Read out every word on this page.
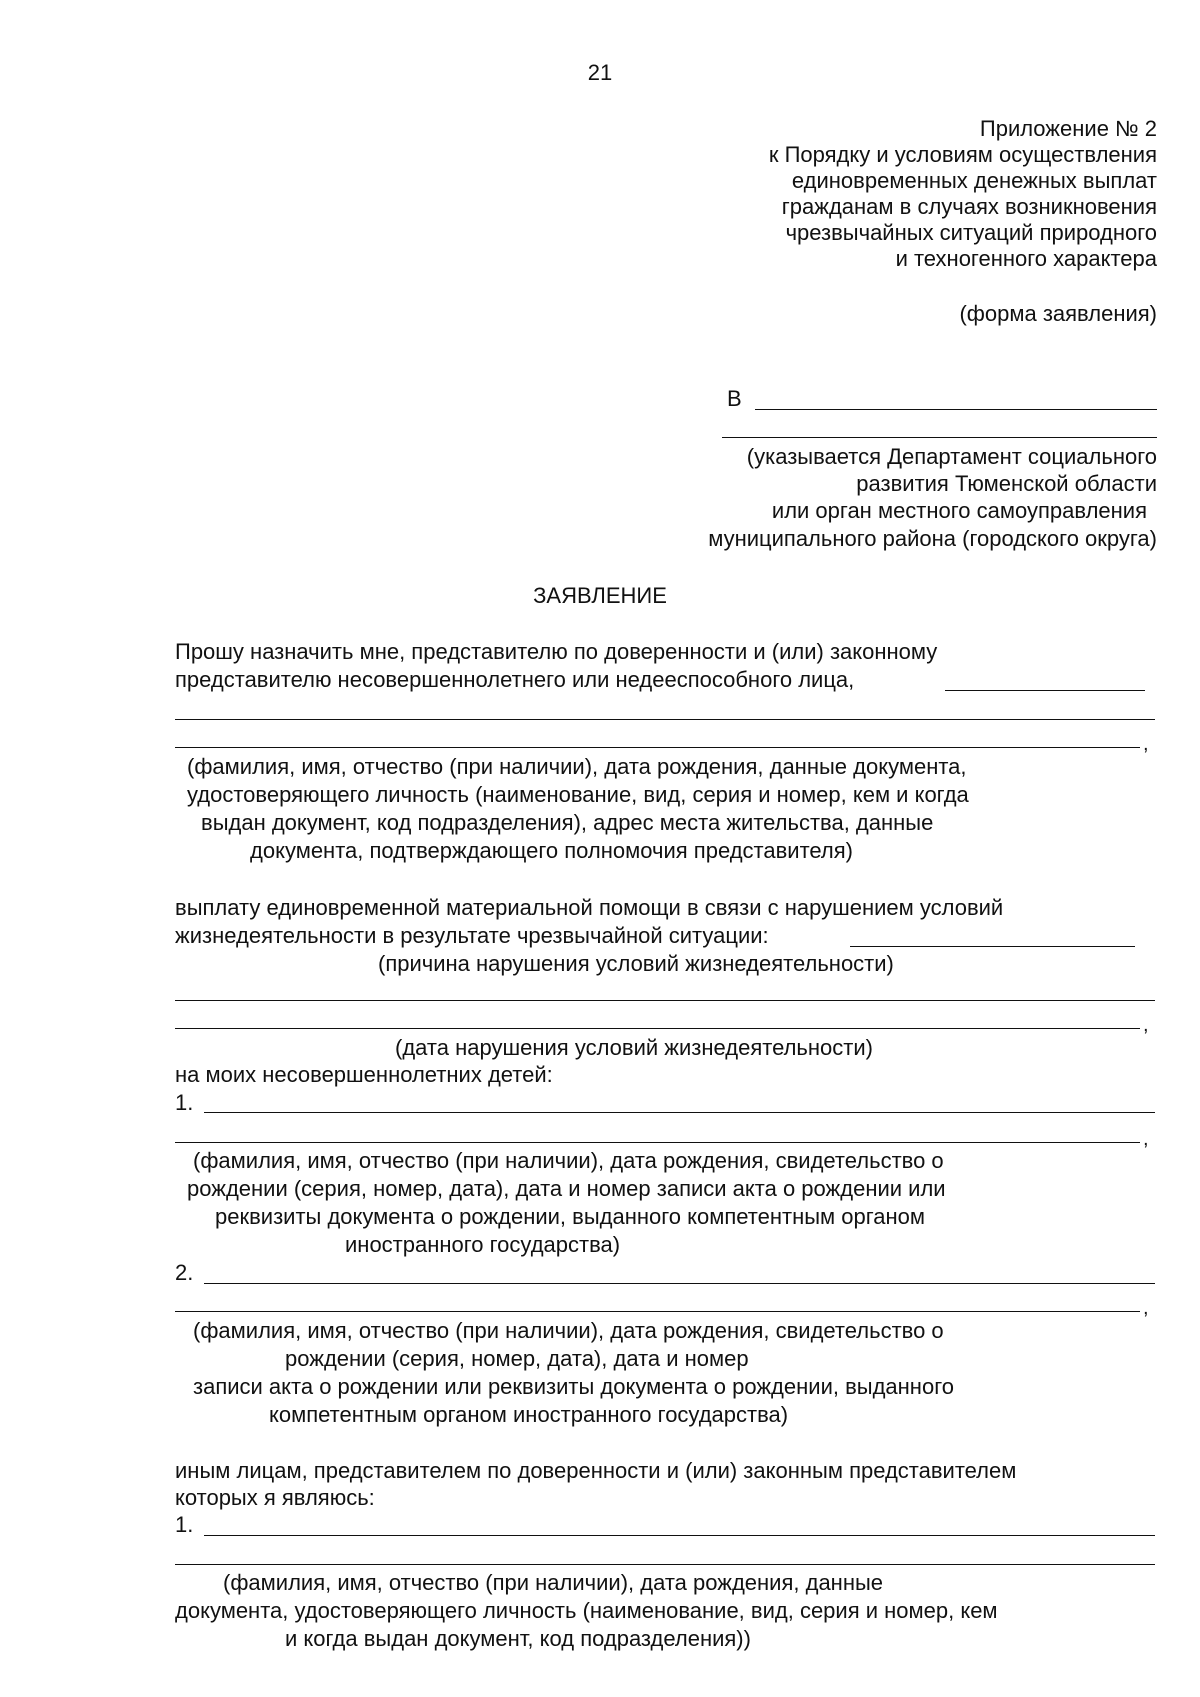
21
Приложение № 2
к Порядку и условиям осуществления
единовременных денежных выплат
гражданам в случаях возникновения
чрезвычайных ситуаций природного
и техногенного характера
(форма заявления)
В
(указывается Департамент социального
развития Тюменской области
или орган местного самоуправления
муниципального района (городского округа)
ЗАЯВЛЕНИЕ
Прошу назначить мне, представителю по доверенности и (или) законному
представителю несовершеннолетнего или недееспособного лица,
,
(фамилия, имя, отчество (при наличии), дата рождения, данные документа,
удостоверяющего личность (наименование, вид, серия и номер, кем и когда
выдан документ, код подразделения), адрес места жительства, данные
документа, подтверждающего полномочия представителя)
выплату единовременной материальной помощи в связи с нарушением условий
жизнедеятельности в результате чрезвычайной ситуации:
(причина нарушения условий жизнедеятельности)
,
(дата нарушения условий жизнедеятельности)
на моих несовершеннолетних детей:
1.
,
(фамилия, имя, отчество (при наличии), дата рождения, свидетельство о
рождении (серия, номер, дата), дата и номер записи акта о рождении или
реквизиты документа о рождении, выданного компетентным органом
иностранного государства)
2.
,
(фамилия, имя, отчество (при наличии), дата рождения, свидетельство о
рождении (серия, номер, дата), дата и номер
записи акта о рождении или реквизиты документа о рождении, выданного
компетентным органом иностранного государства)
иным лицам, представителем по доверенности и (или) законным представителем
которых я являюсь:
1.
(фамилия, имя, отчество (при наличии), дата рождения, данные
документа, удостоверяющего личность (наименование, вид, серия и номер, кем
и когда выдан документ, код подразделения))
